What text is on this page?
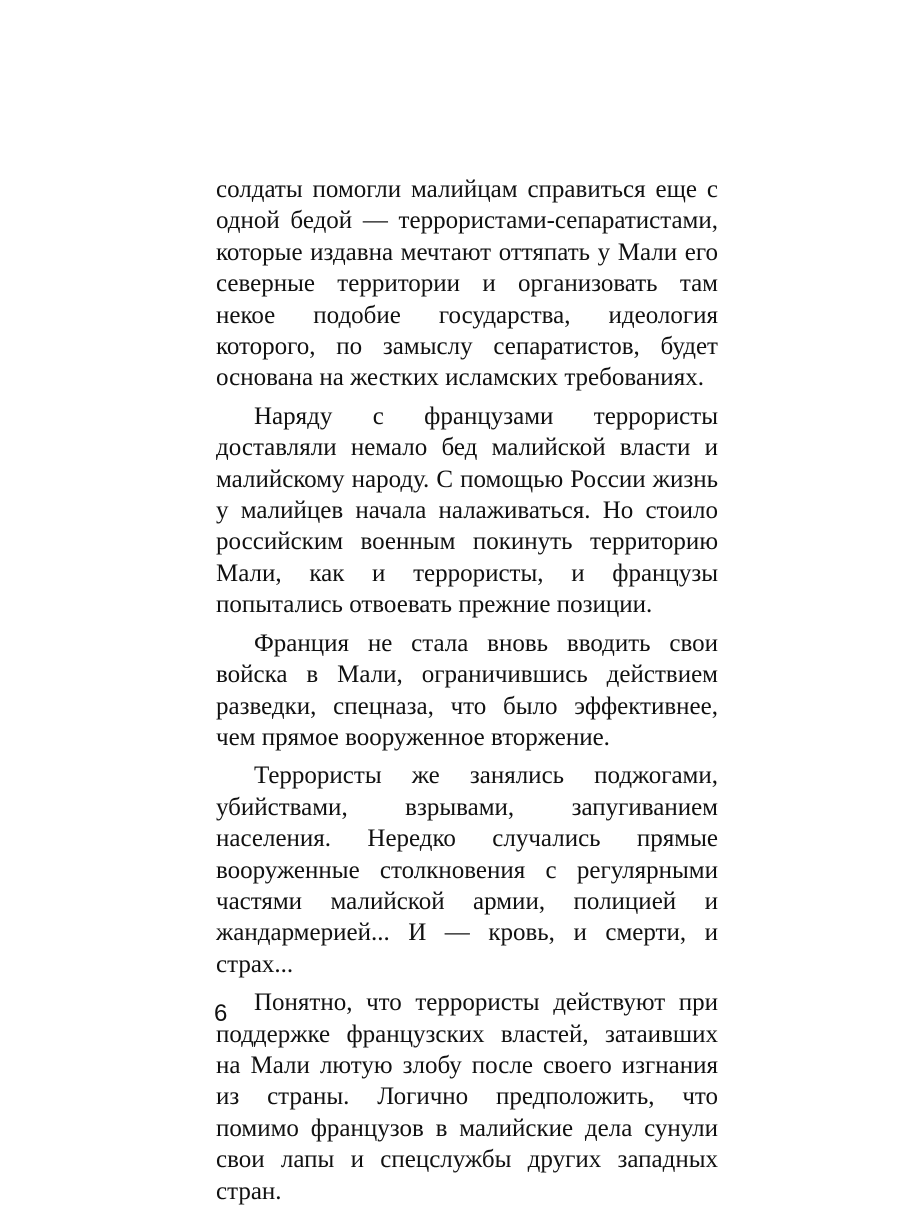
солдаты помогли малийцам справиться еще с одной бедой — террористами-сепаратистами, которые издавна мечтают оттяпать у Мали его северные территории и организовать там некое подобие государства, идеология которого, по замыслу сепаратистов, будет основана на жестких исламских требованиях.

Наряду с французами террористы доставляли немало бед малийской власти и малийскому народу. С помощью России жизнь у малийцев начала налаживаться. Но стоило российским военным покинуть территорию Мали, как и террористы, и французы попытались отвоевать прежние позиции.

Франция не стала вновь вводить свои войска в Мали, ограничившись действием разведки, спецназа, что было эффективнее, чем прямое вооруженное вторжение.

Террористы же занялись поджогами, убийствами, взрывами, запугиванием населения. Нередко случались прямые вооруженные столкновения с регулярными частями малийской армии, полицией и жандармерией... И — кровь, и смерти, и страх...

Понятно, что террористы действуют при поддержке французских властей, затаивших на Мали лютую злобу после своего изгнания из страны. Логично предположить, что помимо французов в малийские дела сунули свои лапы и спецслужбы других западных стран.

6
